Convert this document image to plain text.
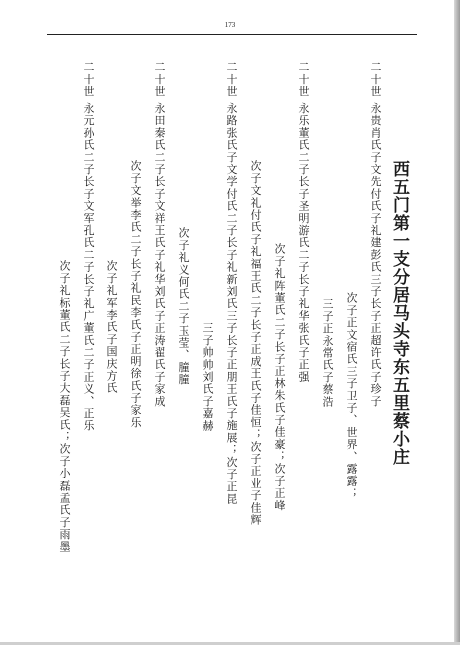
173
西五门第一支分居马头寺东五里蔡小庄
二十世 永贵肖氏子文先付氏子礼建彭氏三子长子正超许氏子珍子
次子正文宿氏三子卫子、世界、露露；
三子正永常氏子蔡浩
二十世 永乐董氏二子长子圣明游氏二子长子礼华张氏子正强
次子文礼付氏子礼福王氏二子长子正成王氏子佳恒；次子正业子佳辉 次子礼阵董氏二子长子正林朱氏子佳豪；次子正峰
二十世 永路张氏子文学付氏二子长子礼新刘氏三子长子正朋王氏子施展；次子正昆
三子帅帅刘氏子嘉赫
二十世 永田秦氏二子长子文祥王氏子礼华刘氏子正涛翟氏子家成 次子礼义何氏二子玉莹、朣朣
次子文举李氏二子长子礼民李氏子正明徐氏子家乐
二十世 永元孙氏二子长子文军孔氏二子长子礼广董氏二子正义、正乐 次子礼军李氏子国庆方氏
次子礼标董氏二子长子大磊吴氏；次子小磊孟氏子雨墨
